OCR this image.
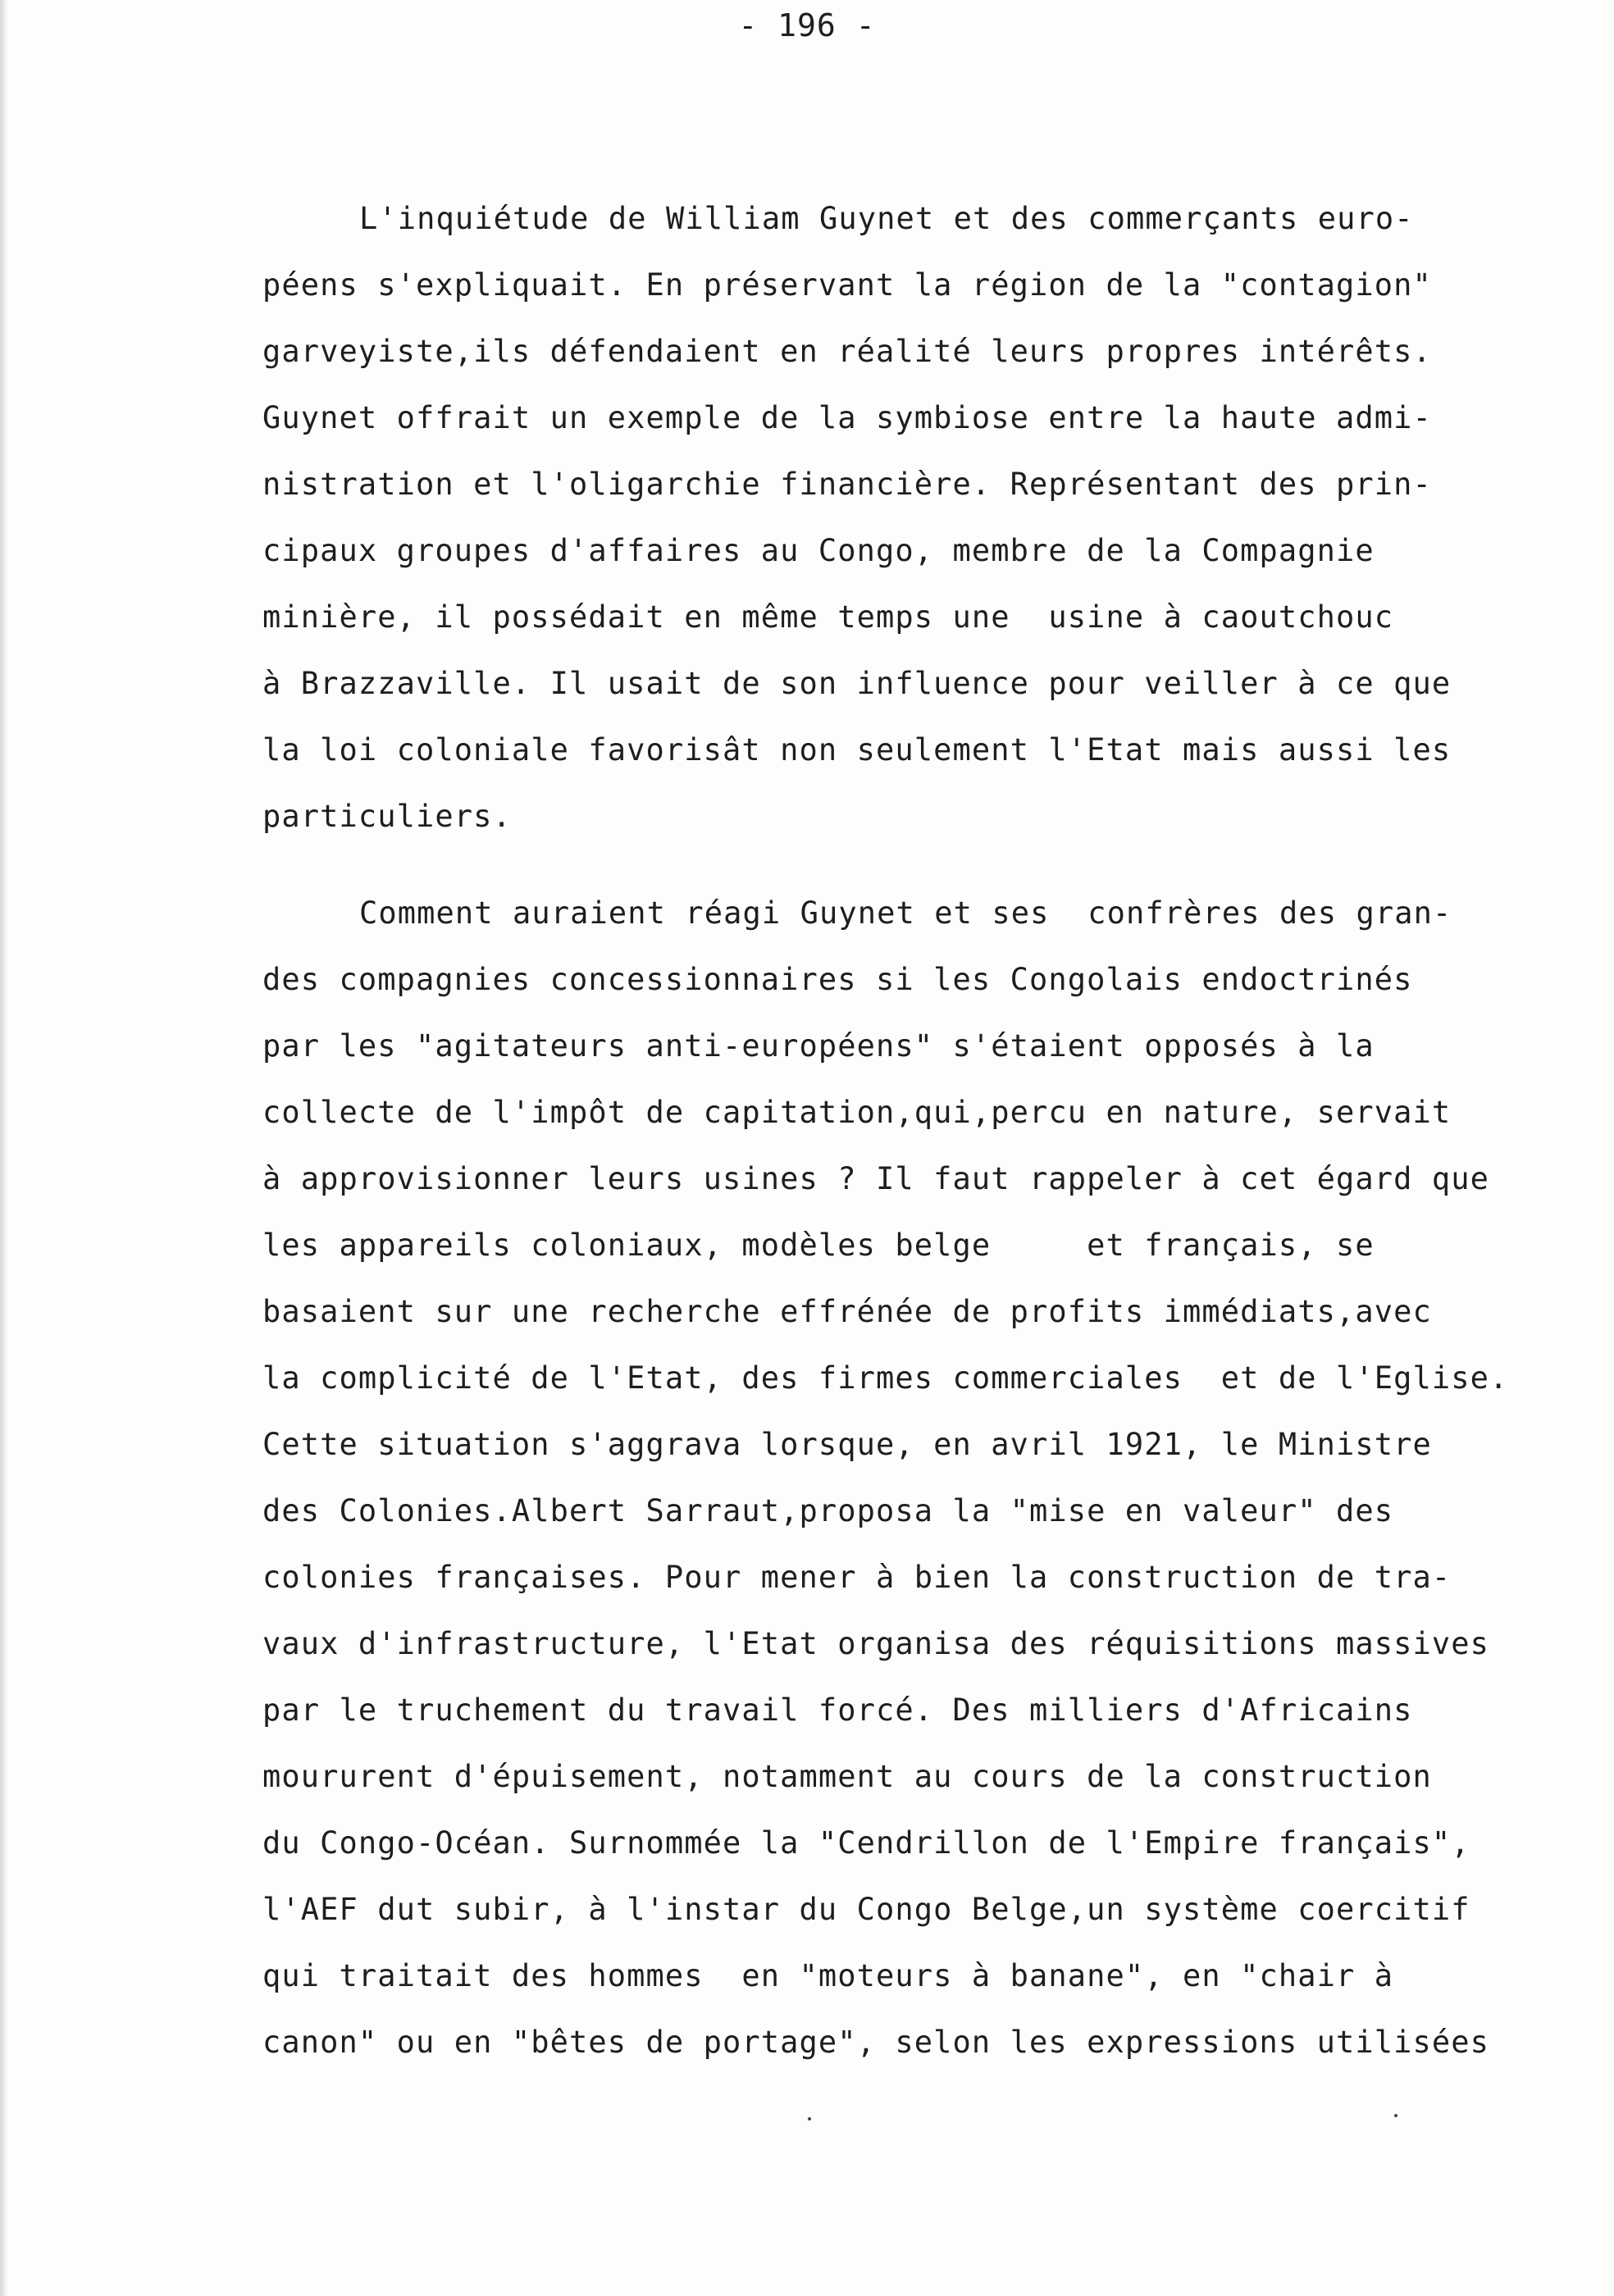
- 196 -
L'inquiétude de William Guynet et des commerçants euro-
péens s'expliquait. En préservant la région de la "contagion"
garveyiste,ils défendaient en réalité leurs propres intérêts.
Guynet offrait un exemple de la symbiose entre la haute admi-
nistration et l'oligarchie financière. Représentant des prin-
cipaux groupes d'affaires au Congo, membre de la Compagnie
minière, il possédait en même temps une  usine à caoutchouc
à Brazzaville. Il usait de son influence pour veiller à ce que
la loi coloniale favorisât non seulement l'Etat mais aussi les
particuliers.
Comment auraient réagi Guynet et ses  confrères des gran-
des compagnies concessionnaires si les Congolais endoctrinés
par les "agitateurs anti-européens" s'étaient opposés à la
collecte de l'impôt de capitation,qui,percu en nature, servait
à approvisionner leurs usines ? Il faut rappeler à cet égard que
les appareils coloniaux, modèles belge     et français, se
basaient sur une recherche effrénée de profits immédiats,avec
la complicité de l'Etat, des firmes commerciales  et de l'Eglise.
Cette situation s'aggrava lorsque, en avril 1921, le Ministre
des Colonies.Albert Sarraut,proposa la "mise en valeur" des
colonies françaises. Pour mener à bien la construction de tra-
vaux d'infrastructure, l'Etat organisa des réquisitions massives
par le truchement du travail forcé. Des milliers d'Africains
moururent d'épuisement, notamment au cours de la construction
du Congo-Océan. Surnommée la "Cendrillon de l'Empire français",
l'AEF dut subir, à l'instar du Congo Belge,un système coercitif
qui traitait des hommes  en "moteurs à banane", en "chair à
canon" ou en "bêtes de portage", selon les expressions utilisées
